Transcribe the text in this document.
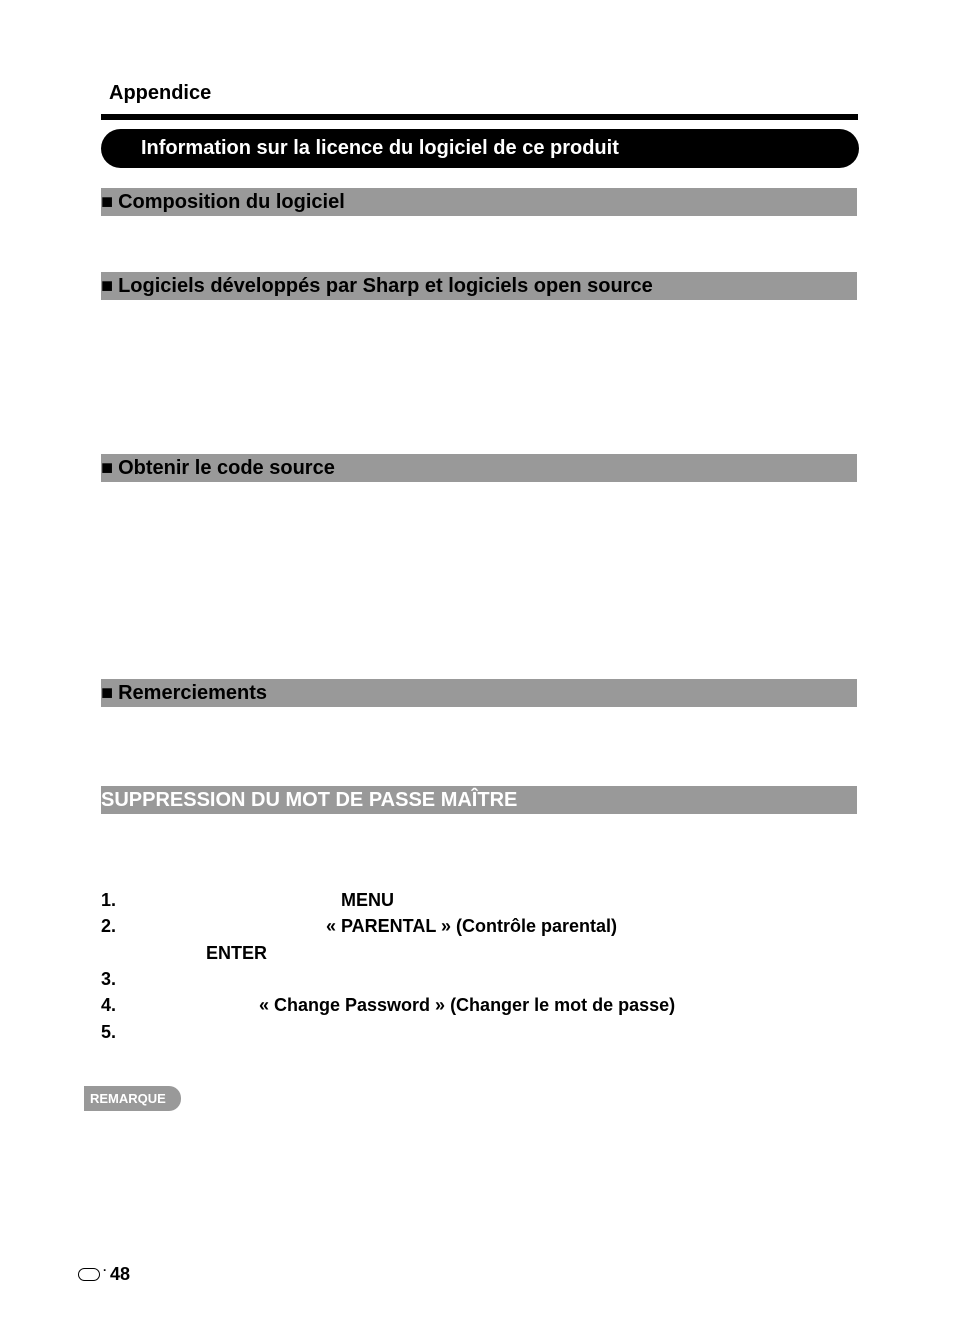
Appendice
Information sur la licence du logiciel de ce produit
■ Composition du logiciel
■ Logiciels développés par Sharp et logiciels open source
■ Obtenir le code source
■ Remerciements
SUPPRESSION DU MOT DE PASSE MAÎTRE
1.	MENU
2.	« PARENTAL » (Contrôle parental)
ENTER
3.
4.	« Change Password » (Changer le mot de passe)
5.
REMARQUE
· 48
